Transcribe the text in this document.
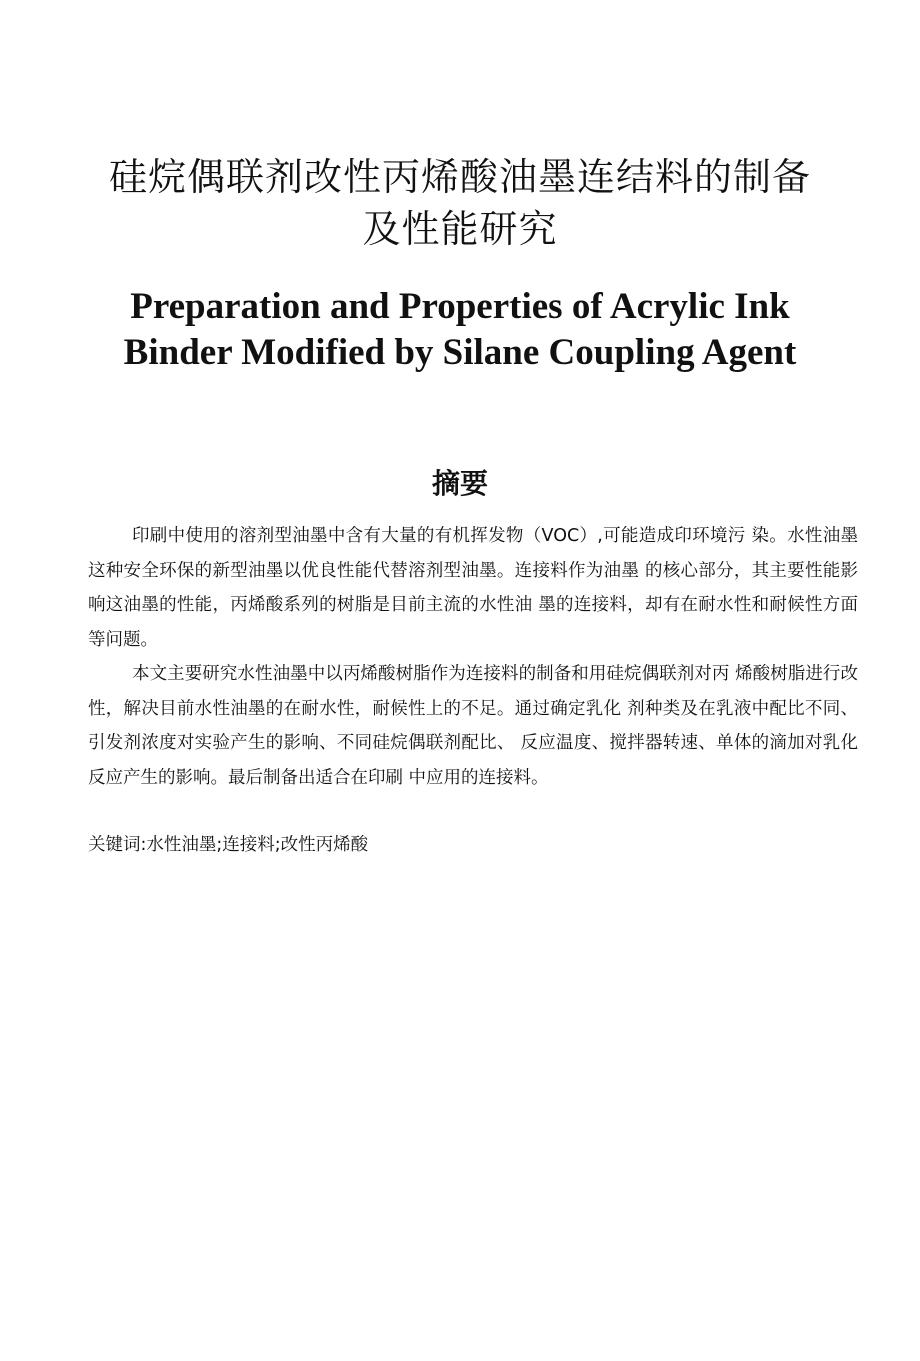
硅烷偶联剂改性丙烯酸油墨连结料的制备
及性能研究
Preparation and Properties of Acrylic Ink
Binder Modified by Silane Coupling Agent
摘要

印刷中使用的溶剂型油墨中含有大量的有机挥发物（VOC）,可能造成印环境污 染。水性油墨这种安全环保的新型油墨以优良性能代替溶剂型油墨。连接料作为油墨 的核心部分，其主要性能影响这油墨的性能，丙烯酸系列的树脂是目前主流的水性油 墨的连接料，却有在耐水性和耐候性方面等问题。

本文主要研究水性油墨中以丙烯酸树脂作为连接料的制备和用硅烷偶联剂对丙 烯酸树脂进行改性，解决目前水性油墨的在耐水性，耐候性上的不足。通过确定乳化 剂种类及在乳液中配比不同、引发剂浓度对实验产生的影响、不同硅烷偶联剂配比、 反应温度、搅拌器转速、单体的滴加对乳化反应产生的影响。最后制备出适合在印刷 中应用的连接料。

关键词:水性油墨;连接料;改性丙烯酸
